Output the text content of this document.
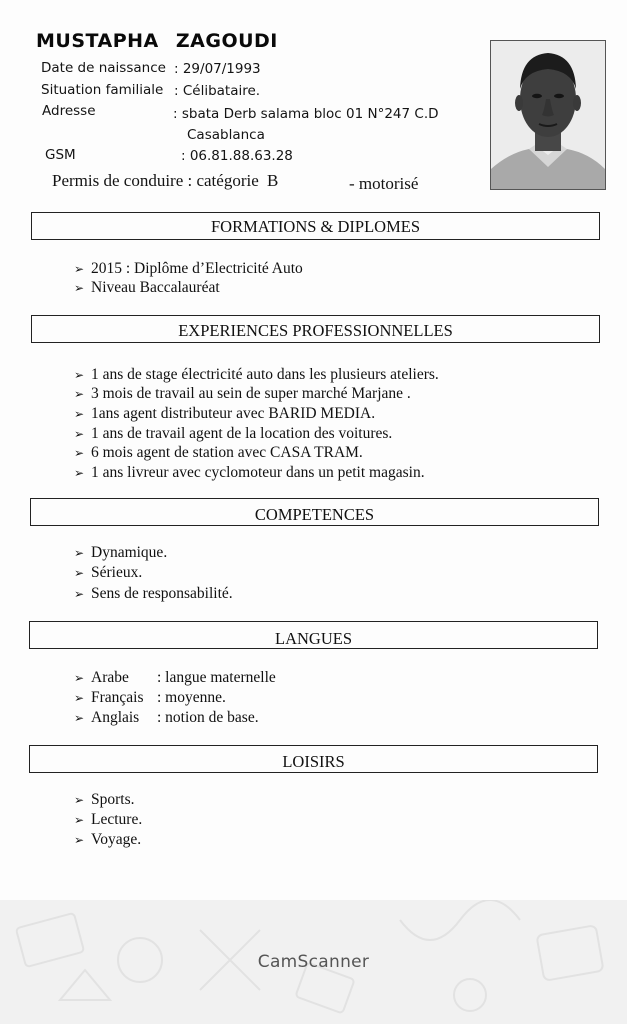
MUSTAPHA ZAGOUDI
Date de naissance : 29/07/1993
Situation familiale : Célibataire.
Adresse	: sbata Derb salama bloc 01 N°247 C.D
Casablanca
GSM	: 06.81.88.63.28
Permis de conduire : catégorie B	- motorisé
FORMATIONS & DIPLOMES
➢ 2015 : Diplôme d’Electricité Auto
➢ Niveau Baccalauréat
EXPERIENCES PROFESSIONNELLES
➢ 1 ans de stage électricité auto dans les plusieurs ateliers.
➢ 3 mois de travail au sein de super marché Marjane .
➢ 1ans agent distributeur avec BARID MEDIA.
➢ 1 ans de travail agent de la location des voitures.
➢ 6 mois agent de station avec CASA TRAM.
➢ 1 ans livreur avec cyclomoteur dans un petit magasin.
COMPETENCES
➢ Dynamique.
➢ Sérieux.
➢ Sens de responsabilité.
LANGUES
➢ Arabe : langue maternelle
➢ Français : moyenne.
➢ Anglais : notion de base.
LOISIRS
➢ Sports.
➢ Lecture.
➢ Voyage.
CamScanner
